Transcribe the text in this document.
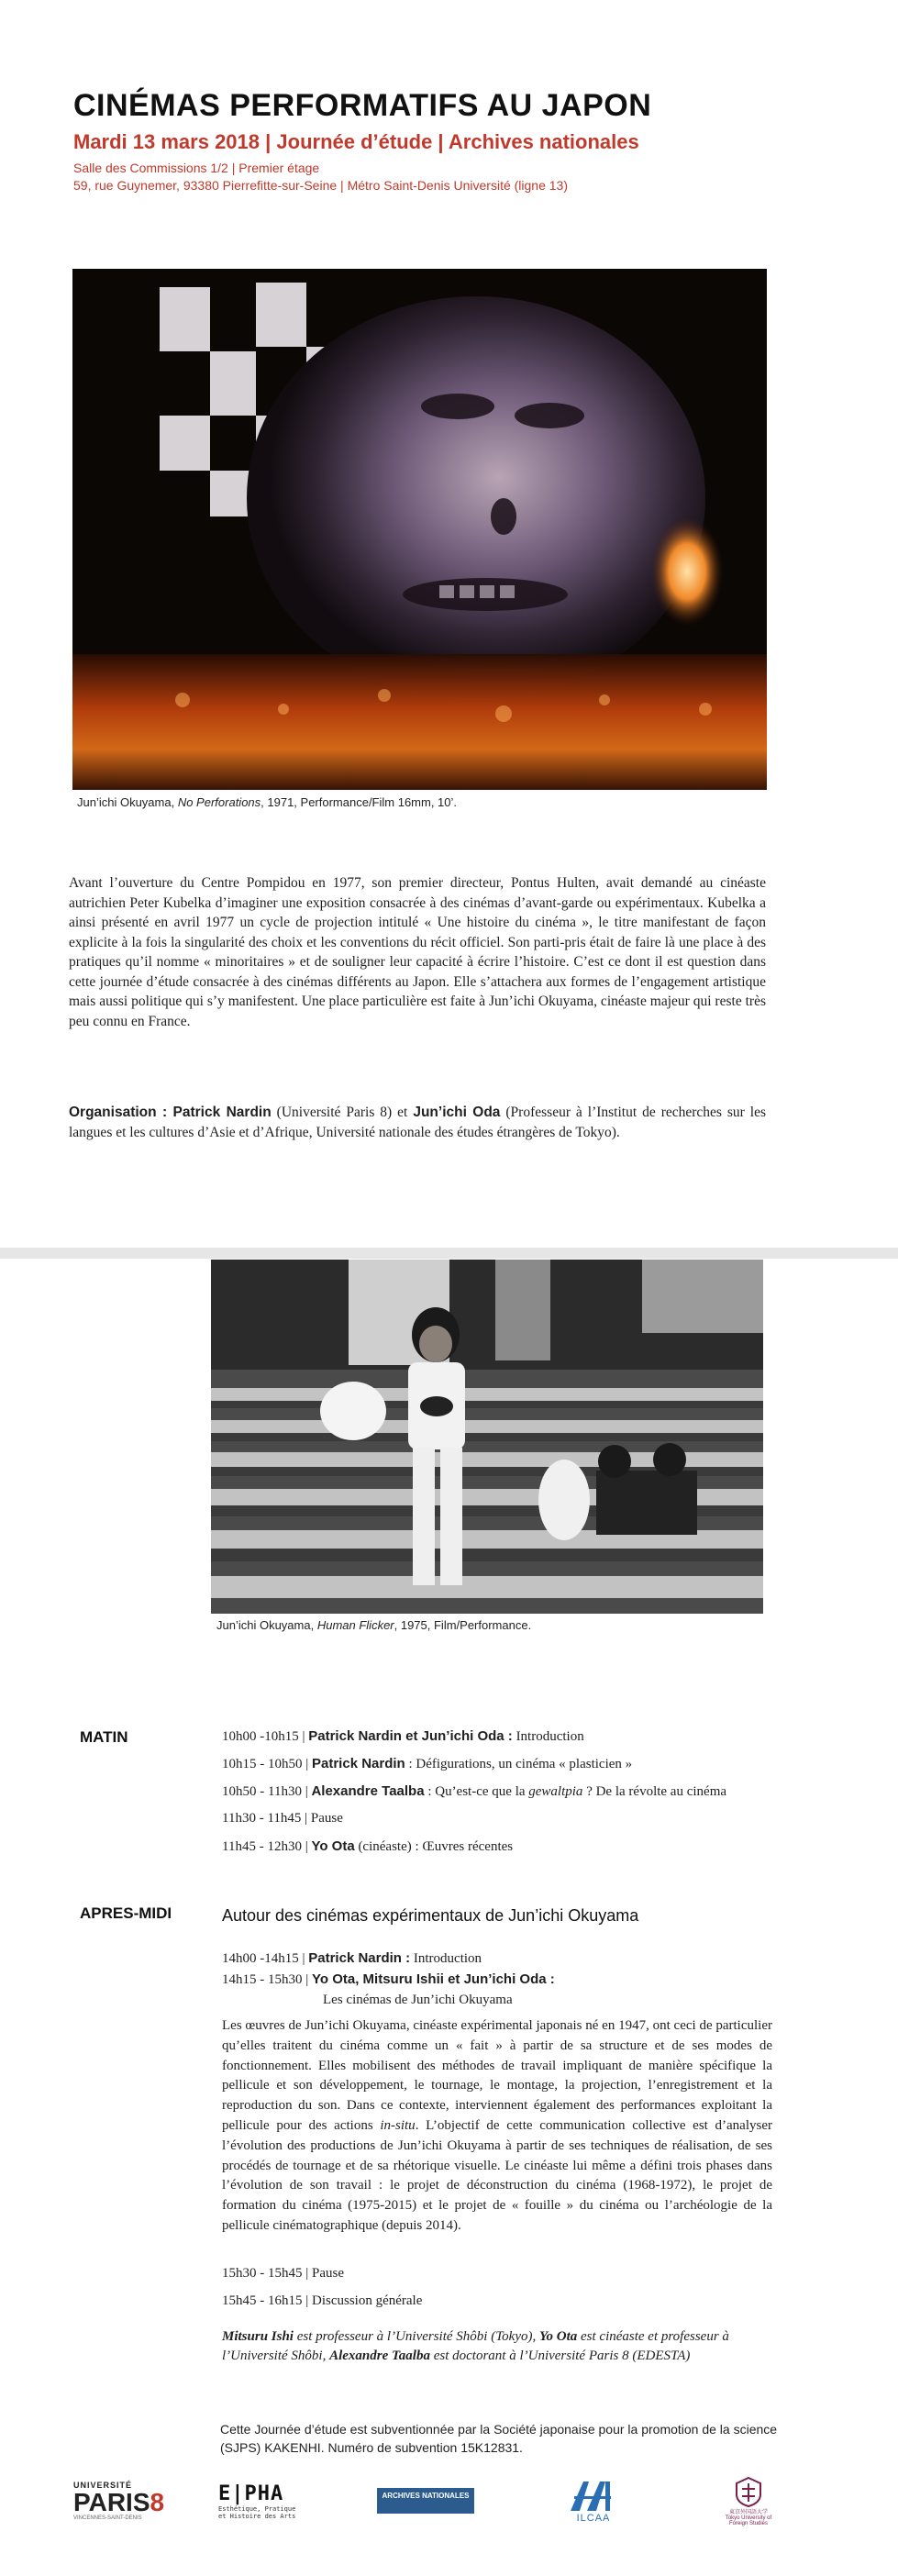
CINÉMAS PERFORMATIFS AU JAPON
Mardi 13 mars 2018 | Journée d’étude | Archives nationales
Salle des Commissions 1/2 | Premier étage
59, rue Guynemer, 93380 Pierrefitte-sur-Seine | Métro Saint-Denis Université (ligne 13)
Jun’ichi Okuyama, No Perforations, 1971, Performance/Film 16mm, 10’.
Avant l’ouverture du Centre Pompidou en 1977, son premier directeur, Pontus Hulten, avait demandé au cinéaste autrichien Peter Kubelka d’imaginer une exposition consacrée à des cinémas d’avant-garde ou expérimentaux. Kubelka a ainsi présenté en avril 1977 un cycle de projection intitulé « Une histoire du cinéma », le titre manifestant de façon explicite à la fois la singularité des choix et les conventions du récit officiel. Son parti-pris était de faire là une place à des pratiques qu’il nomme « minoritaires » et de souligner leur capacité à écrire l’histoire. C’est ce dont il est question dans cette journée d’étude consacrée à des cinémas différents au Japon. Elle s’attachera aux formes de l’engagement artistique mais aussi politique qui s’y manifestent. Une place particulière est faite à Jun’ichi Okuyama, cinéaste majeur qui reste très peu connu en France.
Organisation : Patrick Nardin (Université Paris 8) et Jun’ichi Oda (Professeur à l’Institut de recherches sur les langues et les cultures d’Asie et d’Afrique, Université nationale des études étrangères de Tokyo).
Jun’ichi Okuyama, Human Flicker, 1975, Film/Performance.
MATIN	10h00 -10h15 | Patrick Nardin et Jun’ichi Oda : Introduction
10h15 - 10h50 | Patrick Nardin : Défigurations, un cinéma « plasticien »
10h50 - 11h30 | Alexandre Taalba : Qu’est-ce que la gewaltpia ? De la révolte au cinéma
11h30 - 11h45 | Pause
11h45 - 12h30 | Yo Ota (cinéaste) : Œuvres récentes
APRES-MIDI	Autour des cinémas expérimentaux de Jun’ichi Okuyama
14h00 -14h15 | Patrick Nardin : Introduction
14h15 - 15h30 | Yo Ota, Mitsuru Ishii et Jun’ichi Oda :
Les cinémas de Jun’ichi Okuyama
Les œuvres de Jun’ichi Okuyama, cinéaste expérimental japonais né en 1947, ont ceci de particulier qu’elles traitent du cinéma comme un « fait » à partir de sa structure et de ses modes de fonctionnement. Elles mobilisent des méthodes de travail impliquant de manière spécifique la pellicule et son développement, le tournage, le montage, la projection, l’enregistrement et la reproduction du son. Dans ce contexte, interviennent également des performances exploitant la pellicule pour des actions in-situ. L’objectif de cette communication collective est d’analyser l’évolution des productions de Jun’ichi Okuyama à partir de ses techniques de réalisation, de ses procédés de tournage et de sa rhétorique visuelle. Le cinéaste lui même a défini trois phases dans l’évolution de son travail : le projet de déconstruction du cinéma (1968-1972), le projet de formation du cinéma (1975-2015) et le projet de « fouille » du cinéma ou l’archéologie de la pellicule cinématographique (depuis 2014).
15h30 - 15h45 | Pause
15h45 - 16h15 | Discussion générale
Mitsuru Ishi est professeur à l’Université Shôbi (Tokyo), Yo Ota est cinéaste et professeur à l’Université Shôbi, Alexandre Taalba est doctorant à l’Université Paris 8 (EDESTA)
Cette Journée d’étude est subventionnée par la Société japonaise pour la promotion de la science (SJPS) KAKENHI. Numéro de subvention 15K12831.
UNIVERSITÉ
PARIS8
VINCENNES-SAINT-DENIS
E|PHA
Esthétique, Pratique
et Histoire des Arts
ARCHIVES NATIONALES
ILCAA
東京外国語大学
Tokyo University of Foreign Studies
